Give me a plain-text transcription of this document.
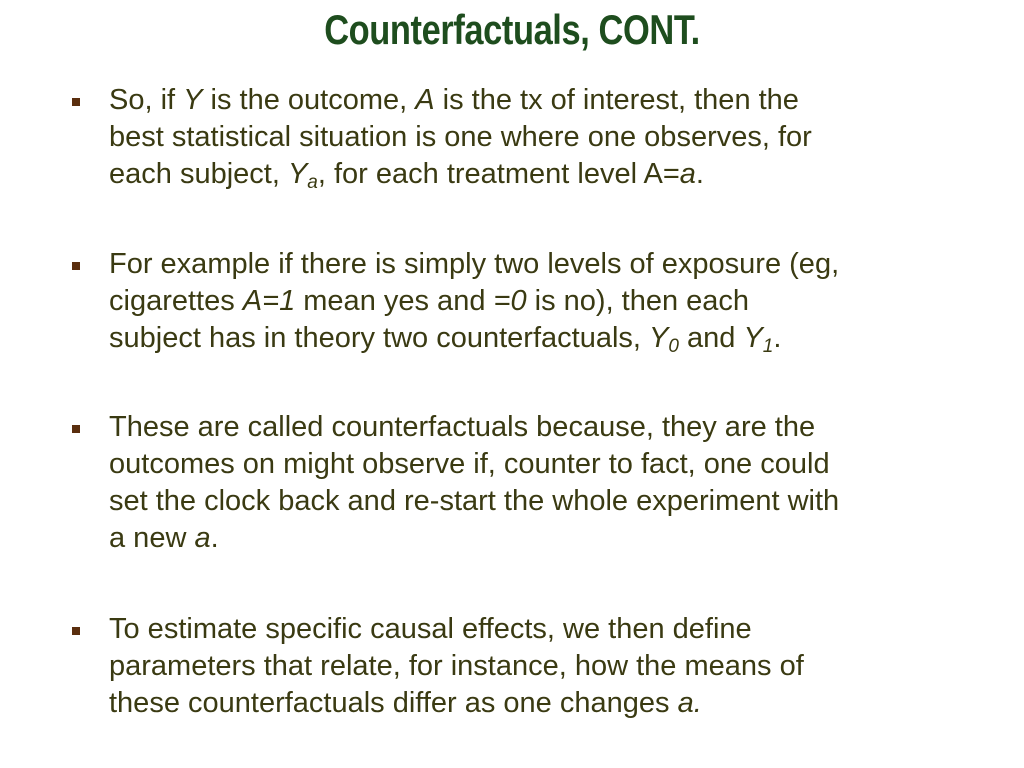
Counterfactuals, CONT.
So, if Y is the outcome, A is the tx of interest, then the
best statistical situation is one where one observes, for
each subject, $Y_a$, for each treatment level A=a.
For example if there is simply two levels of exposure (eg,
cigarettes A=1 mean yes and =0 is no), then each
subject has in theory two counterfactuals, $Y_0$ and $Y_1$.
These are called counterfactuals because, they are the
outcomes on might observe if, counter to fact, one could
set the clock back and re-start the whole experiment with
a new a.
To estimate specific causal effects, we then define
parameters that relate, for instance, how the means of
these counterfactuals differ as one changes a.
